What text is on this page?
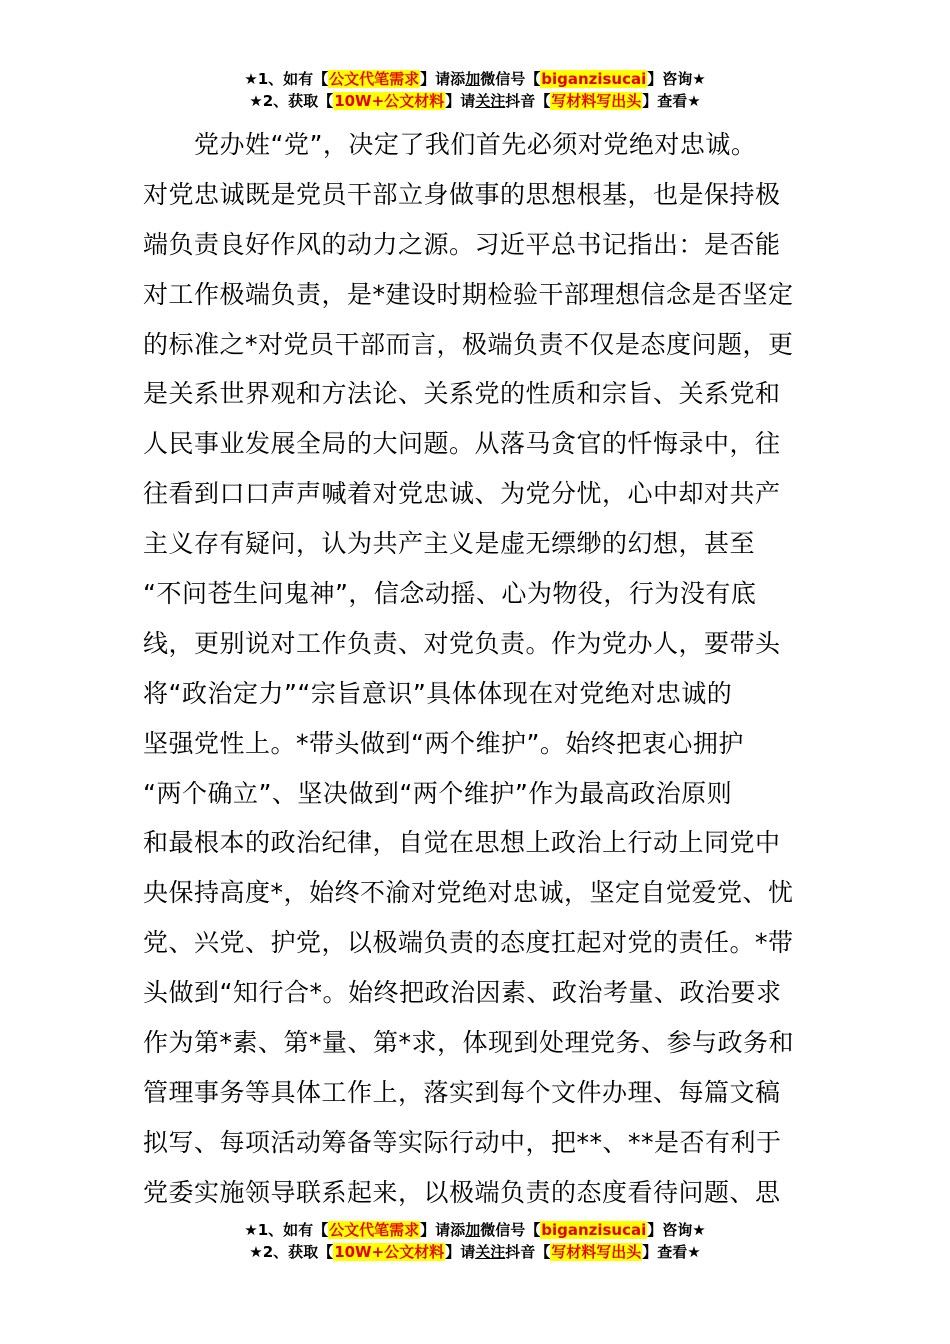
★1、如有【公文代笔需求】请添加微信号【biganzisucai】咨询★
★2、获取【10W+公文材料】请关注抖音【写材料写出头】查看★
　　党办姓“党”，决定了我们首先必须对党绝对忠诚。
对党忠诚既是党员干部立身做事的思想根基，也是保持极
端负责良好作风的动力之源。习近平总书记指出：是否能
对工作极端负责，是*建设时期检验干部理想信念是否坚定
的标准之*对党员干部而言，极端负责不仅是态度问题，更
是关系世界观和方法论、关系党的性质和宗旨、关系党和
人民事业发展全局的大问题。从落马贪官的忏悔录中，往
往看到口口声声喊着对党忠诚、为党分忧，心中却对共产
主义存有疑问，认为共产主义是虚无缥缈的幻想，甚至
“不问苍生问鬼神”，信念动摇、心为物役，行为没有底
线，更别说对工作负责、对党负责。作为党办人，要带头
将“政治定力”“宗旨意识”具体体现在对党绝对忠诚的
坚强党性上。*带头做到“两个维护”。始终把衷心拥护
“两个确立”、坚决做到“两个维护”作为最高政治原则
和最根本的政治纪律，自觉在思想上政治上行动上同党中
央保持高度*，始终不渝对党绝对忠诚，坚定自觉爱党、忧
党、兴党、护党，以极端负责的态度扛起对党的责任。*带
头做到“知行合*。始终把政治因素、政治考量、政治要求
作为第*素、第*量、第*求，体现到处理党务、参与政务和
管理事务等具体工作上，落实到每个文件办理、每篇文稿
拟写、每项活动筹备等实际行动中，把**、**是否有利于
党委实施领导联系起来，以极端负责的态度看待问题、思
★1、如有【公文代笔需求】请添加微信号【biganzisucai】咨询★
★2、获取【10W+公文材料】请关注抖音【写材料写出头】查看★
